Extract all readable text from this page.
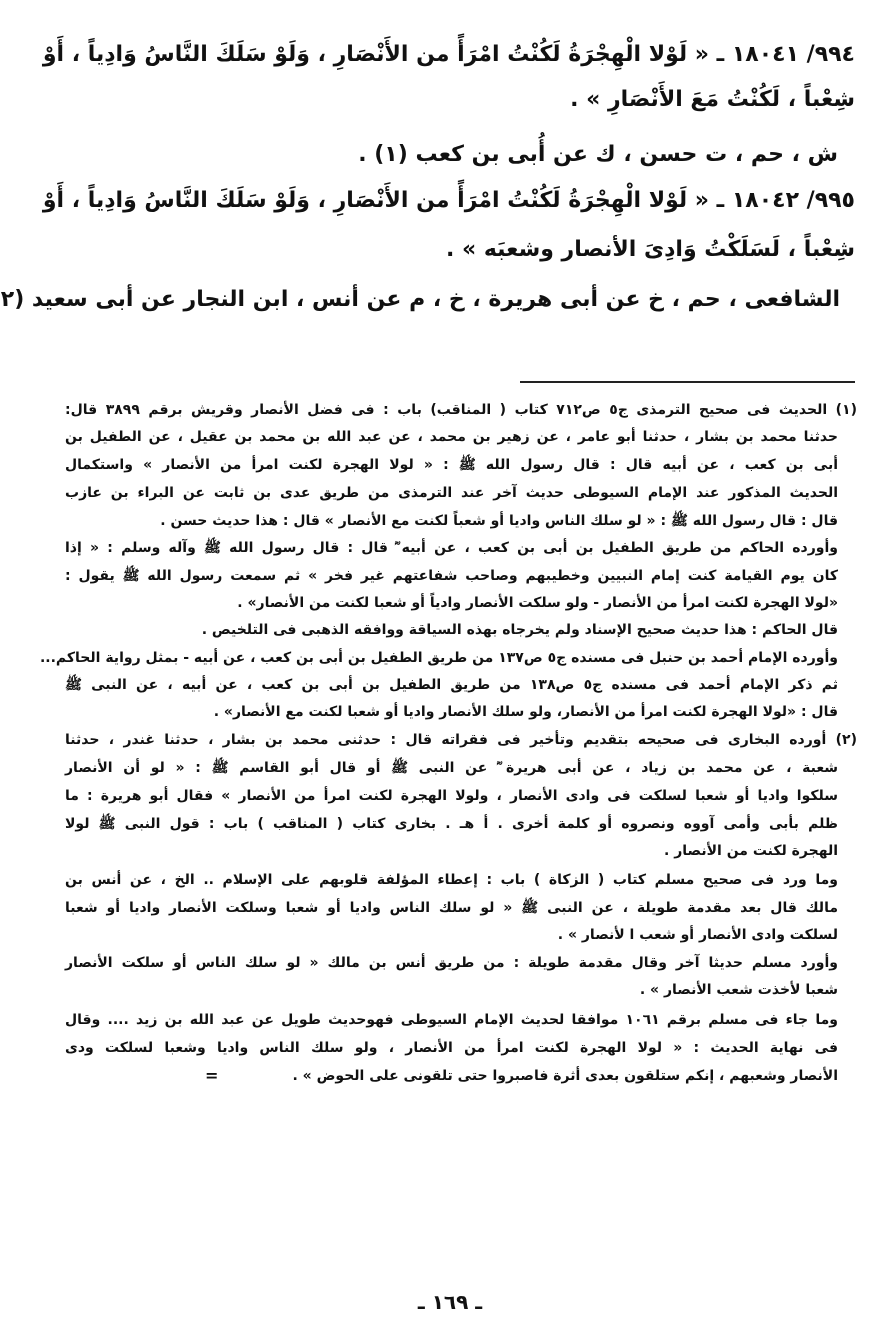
٩٩٤/ ١٨٠٤١ ـ « لَوْلا الْهِجْرَةُ لَكُنْتُ امْرَأً من الأَنْصَارِ ، وَلَوْ سَلَكَ النَّاسُ وَادِياً ، أَوْ
شِعْباً ، لَكُنْتُ مَعَ الأَنْصَارِ » .
ش ، حم ، ت حسن ، ك عن أُبى بن كعب (١) .
٩٩٥/ ١٨٠٤٢ ـ « لَوْلا الْهِجْرَةُ لَكُنْتُ امْرَأً من الأَنْصَارِ ، وَلَوْ سَلَكَ النَّاسُ وَادِياً ، أَوْ
شِعْباً ، لَسَلَكْتُ وَادِىَ الأنصار وشعبَه » .
الشافعى ، حم ، خ عن أبى هريرة ، خ ، م عن أنس ، ابن النجار عن أبى سعيد (٢
(١) الحديث فى صحيح الترمذى ج٥ ص٧١٢ كتاب ( المناقب) باب : فى فضل الأنصار وقريش برقم ٣٨٩٩ قال:
حدثنا محمد بن بشار ، حدثنا أبو عامر ، عن زهير بن محمد ، عن عبد الله بن محمد بن عقيل ، عن الطفيل بن
أبى بن كعب ، عن أبيه قال : قال رسول الله ﷺ : « لولا الهجرة لكنت امرأ من الأنصار » واستكمال
الحديث المذكور عند الإمام السيوطى حديث آخر عند الترمذى من طريق عدى بن ثابت عن البراء بن عازب
قال : قال رسول الله ﷺ : « لو سلك الناس واديا أو شعباً لكنت مع الأنصار » قال : هذا حديث حسن .
وأورده الحاكم من طريق الطفيل بن أبى بن كعب ، عن أبيه ؓ قال : قال رسول الله ﷺ وآله وسلم : « إذا
كان يوم القيامة كنت إمام النبيين وخطيبهم وصاحب شفاعتهم غير فخر » ثم سمعت رسول الله ﷺ يقول :
«لولا الهجرة لكنت امرأ من الأنصار - ولو سلكت الأنصار وادياً أو شعبا لكنت من الأنصار» .
قال الحاكم : هذا حديث صحيح الإسناد ولم يخرجاه بهذه السياقة ووافقه الذهبى فى التلخيص .
وأورده الإمام أحمد بن حنبل فى مسنده ج٥ ص١٣٧ من طريق الطفيل بن أبى بن كعب ، عن أبيه - بمثل رواية الحاكم...
ثم ذكر الإمام أحمد فى مسنده ج٥ ص١٣٨ من طريق الطفيل بن أبى بن كعب ، عن أبيه ، عن النبى ﷺ
قال : «لولا الهجرة لكنت امرأ من الأنصار، ولو سلك الأنصار واديا أو شعبا لكنت مع الأنصار» .
(٢) أورده البخارى فى صحيحه بتقديم وتأخير فى فقراته قال : حدثنى محمد بن بشار ، حدثنا غندر ، حدثنا
شعبة ، عن محمد بن زياد ، عن أبى هريرة ؓ عن النبى ﷺ أو قال أبو القاسم ﷺ : « لو أن الأنصار
سلكوا واديا أو شعبا لسلكت فى وادى الأنصار ، ولولا الهجرة لكنت امرأ من الأنصار » فقال أبو هريرة : ما
ظلم بأبى وأمى آووه ونصروه أو كلمة أخرى . أ هـ . بخارى كتاب ( المناقب ) باب : قول النبى ﷺ لولا
الهجرة لكنت من الأنصار .
وما ورد فى صحيح مسلم كتاب ( الزكاة ) باب : إعطاء المؤلفة قلوبهم على الإسلام .. الخ ، عن أنس بن
مالك قال بعد مقدمة طويلة ، عن النبى ﷺ « لو سلك الناس واديا أو شعبا وسلكت الأنصار واديا أو شعبا
لسلكت وادى الأنصار أو شعب ا لأنصار » .
وأورد مسلم حديثا آخر وقال مقدمة طويلة : من طريق أنس بن مالك « لو سلك الناس أو سلكت الأنصار
شعبا لأخذت شعب الأنصار » .
وما جاء فى مسلم برقم ١٠٦١ موافقا لحديث الإمام السيوطى فهوحديث طويل عن عبد الله بن زيد .... وقال
فى نهاية الحديث : « لولا الهجرة لكنت امرأ من الأنصار ، ولو سلك الناس واديا وشعبا لسلكت ودى
الأنصار وشعبهم ، إنكم ستلقون بعدى أثرة فاصبروا حتى تلقونى على الحوض » .
=
ـ ١٦٩ ـ
